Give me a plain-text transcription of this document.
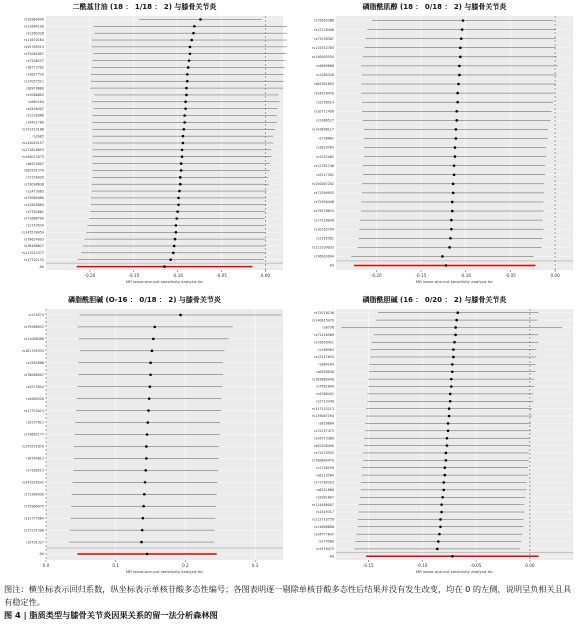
二酰基甘油 (18 ： 1/18 ： 2) 与膝骨关节炎
rs10969009
rs11684190
rs1260326
rs11670164
rs55789515
rs72061607
rs7298257
rs6773702
rs3827733
rs17057511
rs6979680
rs7086803
rs964184
rs4456407
rs1230960
rs4421760
rs191319186
rs3985
rs144044157
rs111818653
rs190013073
rs6974807
rs62291570
rs7158020
rs73098636
rs1473063
rs73069480
rs12605684
rs7782661
rs71668700
rs1743534
rs145578454
rs79624003
rs76486627
rs111915377
rs17702152
All
-0.20	-0.15	-0.10	-0.05	0.00
MR leave-one-out sensitivity analysis for
磷脂酰肌醇 (18 ： 0/18 ： 2) 与膝骨关节炎
rs72693366
rs17128406
rs71538387
rs115352785
rs140095554
rs4869868
rs1260326
rs62581893
rs34918470
rs2238514
rs10711456
rs1386527
rs142896117
rs736882
rs1819763
rs1532085
rs12781746
rs2517501
rs150087282
rs71399953
rs72956446
rs79578634
rs17128040
rs10165794
rs1185561
rs111109033
rs76903994
All
-0.20	-0.15	-0.10	-0.05	0.00
MR leave-one-out sensitivity analysis for
磷脂酰胆碱 (O-16 ： 0/18 ： 2) 与膝骨关节炎
rs174574
rs75986953
rs11088488
rs181759334
rs1562686
rs76086007
rs4575810
rs4960328
rs17370023
rs2537811
rs79862177
rs145551870
rs8764812
rs7189213
rs142918541
rs71389330
rs75960075
rs11777064
rs17231506
rs5701327
All
0.0	0.1	0.2	0.3
MR leave-one-out sensitivity analysis for
磷脂酰胆碱 (16 ： 0/20 ： 2) 与膝骨关节炎
rs72076136
rs140615070
rs8736
rs71426569
rs72650421
rs788563
rs13147634
rs964184
rs6958040
rs185880040
rs7581644
rs4768441
rs2713349
rs117115213
rs139087594
rs818884
rs72137473
rs34373389
rs62208490
rs71470555
rs700884479
rs1748199
rs6113584
rs71780323
rs6551866
rs2081807
rs114486007
rs1549317
rs112710750
rs11698606
rs34777647
rs174580
rs1978473
All
-0.15	-0.10	-0.05	0.00
MR leave-one-out sensitivity analysis for
图注：横坐标表示回归系数，纵坐标表示单核苷酸多态性编号；各图表明逐一剔除单核苷酸多态性后结果并没有发生改变，均在 0 的左侧，说明呈负相关且具有稳定性。
图 4 | 脂质类型与膝骨关节炎因果关系的留一法分析森林图
